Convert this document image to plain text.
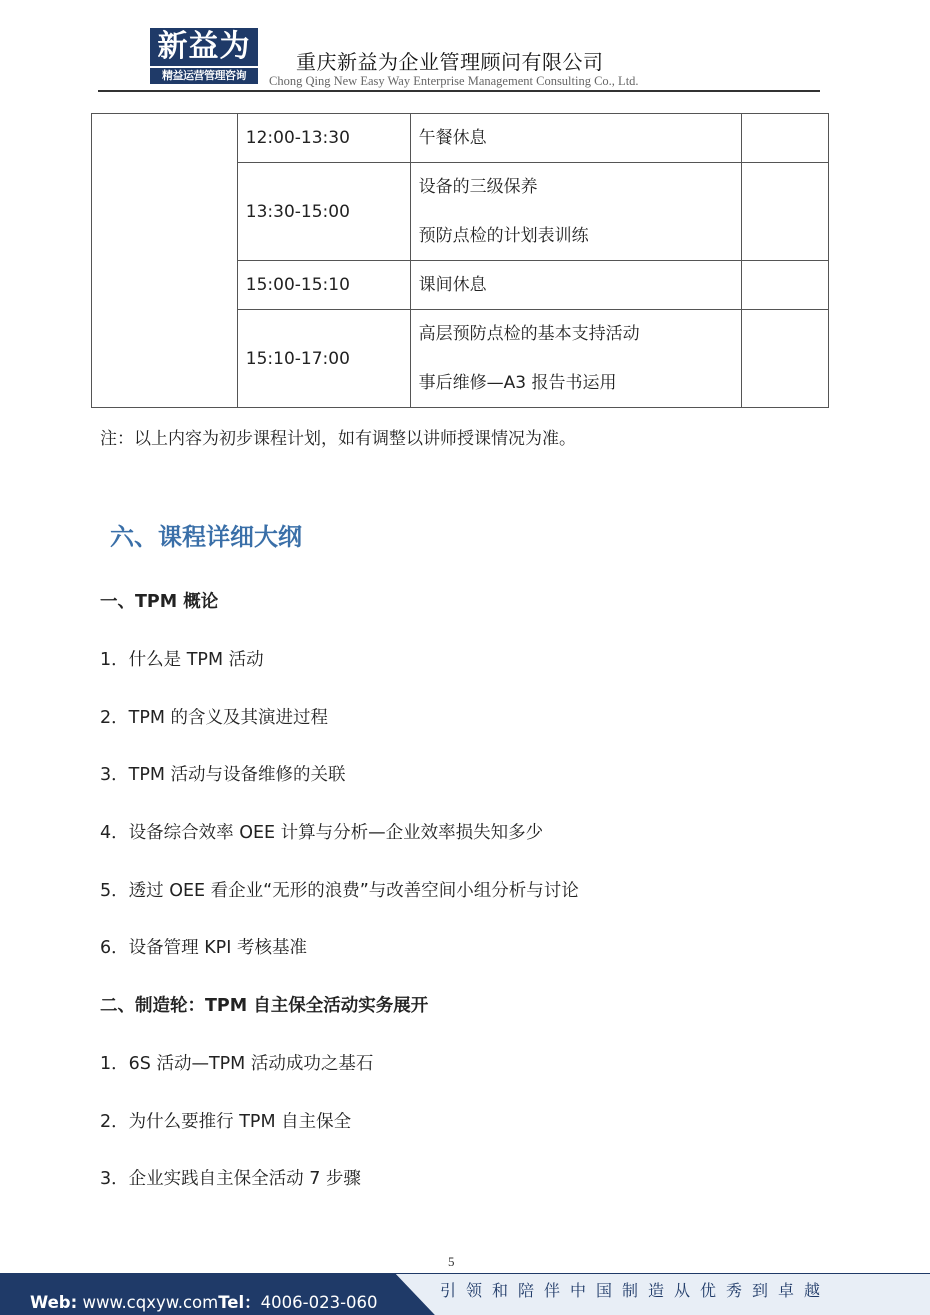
新益为
精益运营管理咨询
重庆新益为企业管理顾问有限公司
Chong Qing New Easy Way Enterprise Management Consulting Co., Ltd.
	12:00-13:30	午餐休息	

	13:30-15:00	设备的三级保养
预防点检的计划表训练	

	15:00-15:10	课间休息	

	15:10-17:00	高层预防点检的基本支持活动
事后维修—A3 报告书运用	

注：以上内容为初步课程计划，如有调整以讲师授课情况为准。
六、课程详细大纲
一、TPM 概论
1．什么是 TPM 活动
2．TPM 的含义及其演进过程
3．TPM 活动与设备维修的关联
4．设备综合效率 OEE 计算与分析—企业效率损失知多少
5．透过 OEE 看企业“无形的浪费”与改善空间小组分析与讨论
6．设备管理 KPI 考核基准
二、制造轮：TPM 自主保全活动实务展开
1．6S 活动—TPM 活动成功之基石
2．为什么要推行 TPM 自主保全
3．企业实践自主保全活动 7 步骤
5
Web: www.cqxyw.comTel：4006-023-060
引领和陪伴中国制造从优秀到卓越
